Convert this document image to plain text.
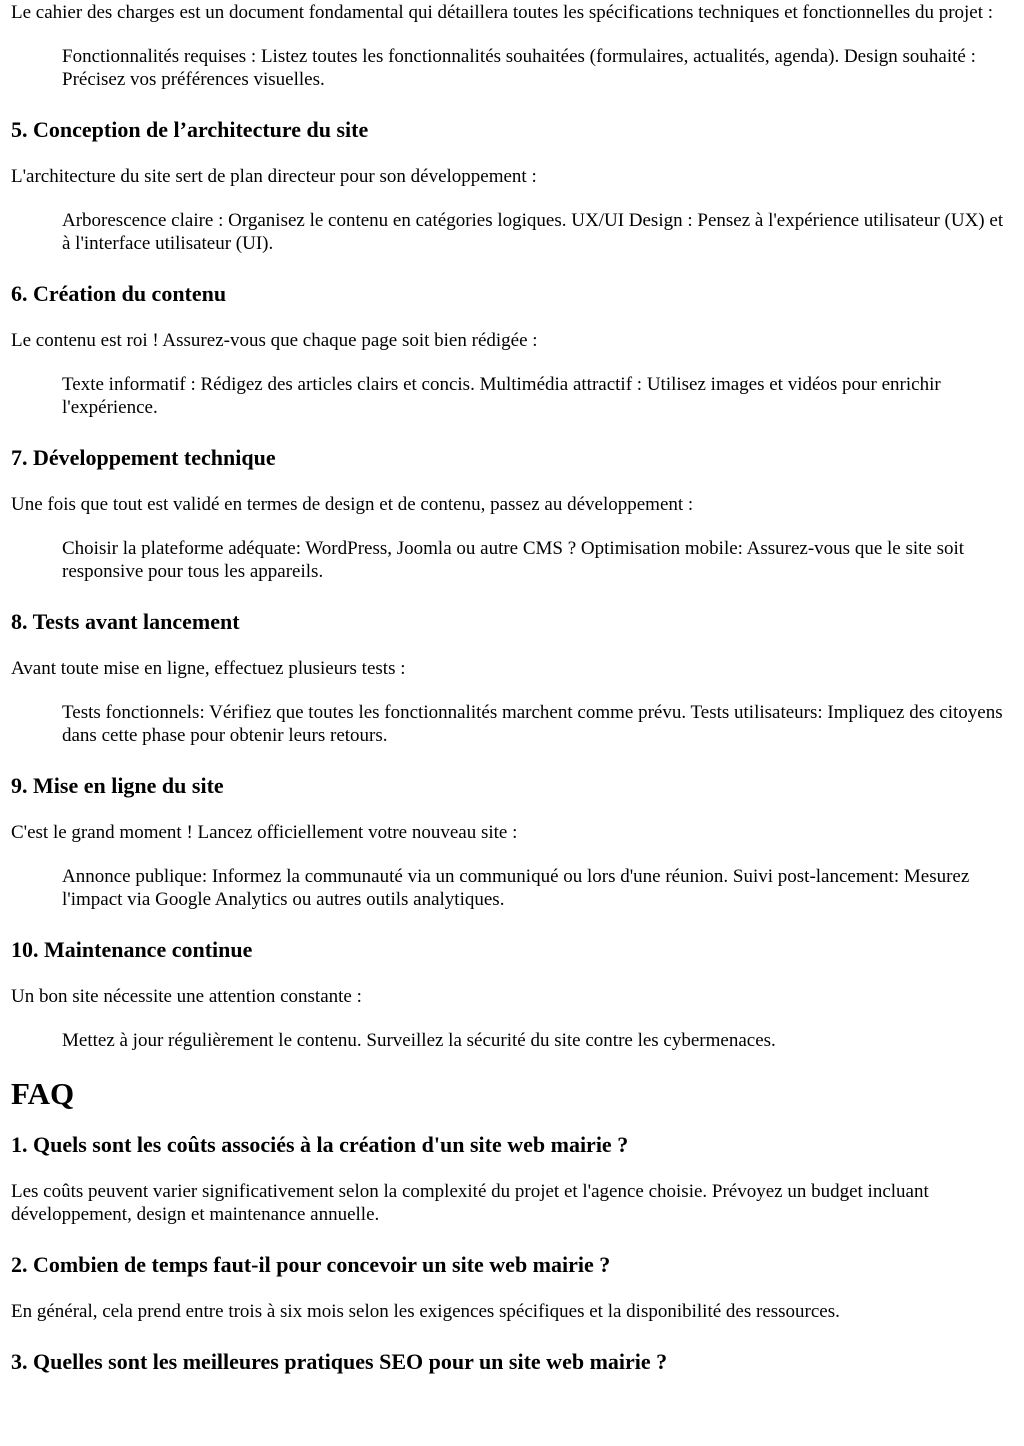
Le cahier des charges est un document fondamental qui détaillera toutes les spécifications techniques et fonctionnelles du projet :

Fonctionnalités requises : Listez toutes les fonctionnalités souhaitées (formulaires, actualités, agenda). Design souhaité : Précisez vos préférences visuelles.
5. Conception de l’architecture du site

L'architecture du site sert de plan directeur pour son développement :

Arborescence claire : Organisez le contenu en catégories logiques. UX/UI Design : Pensez à l'expérience utilisateur (UX) et à l'interface utilisateur (UI).
6. Création du contenu

Le contenu est roi ! Assurez-vous que chaque page soit bien rédigée :

Texte informatif : Rédigez des articles clairs et concis. Multimédia attractif : Utilisez images et vidéos pour enrichir l'expérience.
7. Développement technique

Une fois que tout est validé en termes de design et de contenu, passez au développement :

Choisir la plateforme adéquate: WordPress, Joomla ou autre CMS ? Optimisation mobile: Assurez-vous que le site soit responsive pour tous les appareils.
8. Tests avant lancement

Avant toute mise en ligne, effectuez plusieurs tests :

Tests fonctionnels: Vérifiez que toutes les fonctionnalités marchent comme prévu. Tests utilisateurs: Impliquez des citoyens dans cette phase pour obtenir leurs retours.
9. Mise en ligne du site

C'est le grand moment ! Lancez officiellement votre nouveau site :

Annonce publique: Informez la communauté via un communiqué ou lors d'une réunion. Suivi post-lancement: Mesurez l'impact via Google Analytics ou autres outils analytiques.
10. Maintenance continue

Un bon site nécessite une attention constante :

Mettez à jour régulièrement le contenu. Surveillez la sécurité du site contre les cybermenaces.
FAQ
1. Quels sont les coûts associés à la création d'un site web mairie ?

Les coûts peuvent varier significativement selon la complexité du projet et l'agence choisie. Prévoyez un budget incluant développement, design et maintenance annuelle.

2. Combien de temps faut-il pour concevoir un site web mairie ?

En général, cela prend entre trois à six mois selon les exigences spécifiques et la disponibilité des ressources.

3. Quelles sont les meilleures pratiques SEO pour un site web mairie ?
